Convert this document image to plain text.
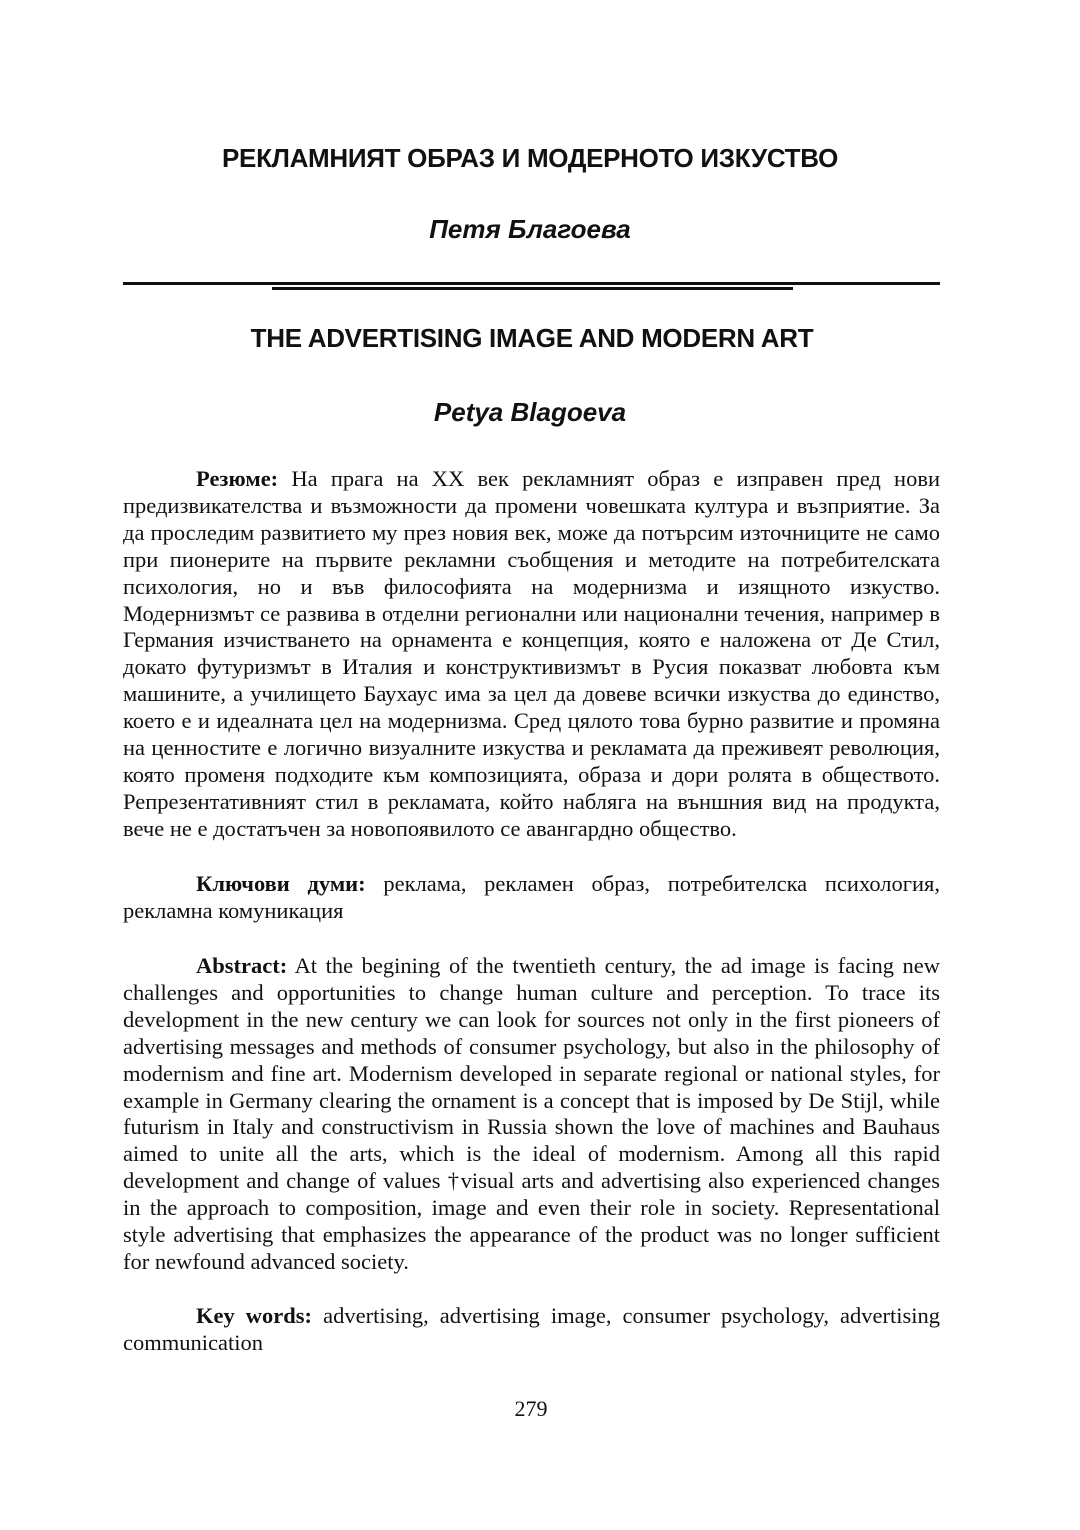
РЕКЛАМНИЯТ ОБРАЗ И МОДЕРНОТО ИЗКУСТВО

Петя Благоева

THE ADVERTISING IMAGE AND MODERN ART

Petya Blagoeva

Резюме: На прага на XX век рекламният образ е изправен пред нови предизвикателства и възможности да промени човешката култура и възприятие. За да проследим развитието му през новия век, може да потърсим източниците не само при пионерите на първите рекламни съобщения и методите на потребителската психология, но и във философията на модернизма и изящното изкуство. Модернизмът се развива в отделни регионални или национални течения, например в Германия изчистването на орнамента е концепция, която е наложена от Де Стил, докато футуризмът в Италия и конструктивизмът в Русия показват любовта към машините, а училището Баухаус има за цел да довеве всички изкуства до единство, което е и идеалната цел на модернизма. Сред цялото това бурно развитие и промяна на ценностите е логично визуалните изкуства и рекламата да преживеят революция, която променя подходите към композицията, образа и дори ролята в обществото. Репрезентативният стил в рекламата, който набляга на външния вид на продукта, вече не е достатъчен за новопоявилото се авангардно общество.

Ключови думи: реклама, рекламен образ, потребителска психология, рекламна комуникация

Abstract: At the begining of the twentieth century, the ad image is facing new challenges and opportunities to change human culture and perception. To trace its development in the new century we can look for sources not only in the first pioneers of advertising messages and methods of consumer psychology, but also in the philosophy of modernism and fine art. Modernism developed in separate regional or national styles, for example in Germany clearing the ornament is a concept that is imposed by De Stijl, while futurism in Italy and constructivism in Russia shown the love of machines and Bauhaus aimed to unite all the arts, which is the ideal of modernism. Among all this rapid development and change of values †visual arts and advertising also experienced changes in the approach to composition, image and even their role in society. Representational style advertising that emphasizes the appearance of the product was no longer sufficient for newfound advanced society.

Key words: advertising, advertising image, consumer psychology, advertising communication

279
